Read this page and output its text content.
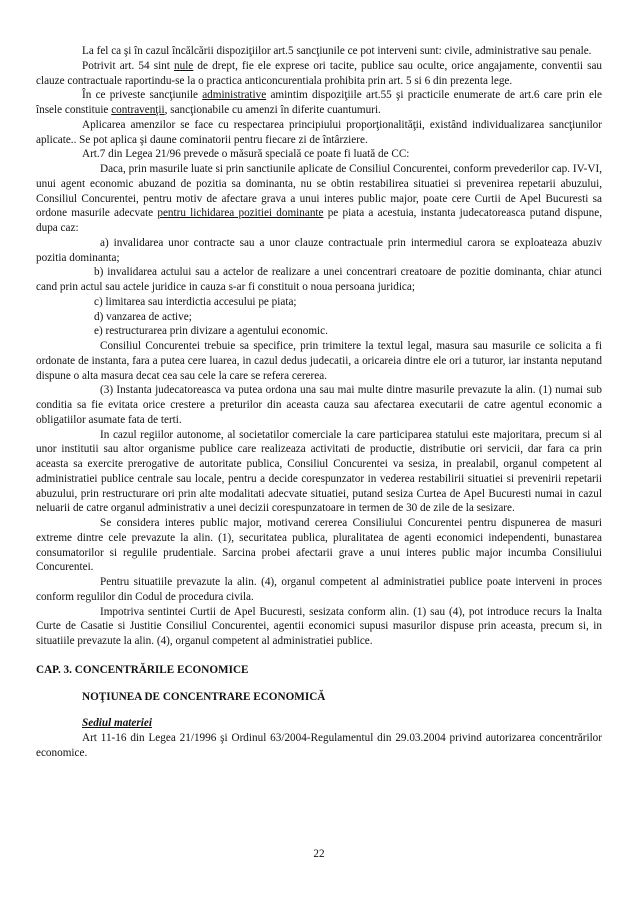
La fel ca şi în cazul încălcării dispoziţiilor art.5 sancţiunile ce pot interveni sunt: civile, administrative sau penale.

Potrivit art. 54 sint nule de drept, fie ele exprese ori tacite, publice sau oculte, orice angajamente, conventii sau clauze contractuale raportindu-se la o practica anticoncurentiala prohibita prin art. 5 si 6 din prezenta lege.

În ce priveste sancţiunile administrative amintim dispoziţiile art.55 şi practicile enumerate de art.6 care prin ele însele constituie contravenţii, sancţionabile cu amenzi în diferite cuantumuri.

Aplicarea amenzilor se face cu respectarea principiului proporţionalităţii, existând individualizarea sancţiunilor aplicate.. Se pot aplica şi daune cominatorii pentru fiecare zi de întârziere.

Art.7 din Legea 21/96 prevede o măsură specială ce poate fi luată de CC:

Daca, prin masurile luate si prin sanctiunile aplicate de Consiliul Concurentei, conform prevederilor cap. IV-VI, unui agent economic abuzand de pozitia sa dominanta, nu se obtin restabilirea situatiei si prevenirea repetarii abuzului, Consiliul Concurentei, pentru motiv de afectare grava a unui interes public major, poate cere Curtii de Apel Bucuresti sa ordone masurile adecvate pentru lichidarea pozitiei dominante pe piata a acestuia, instanta judecatoreasca putand dispune, dupa caz:

a) invalidarea unor contracte sau a unor clauze contractuale prin intermediul carora se exploateaza abuziv pozitia dominanta;

b) invalidarea actului sau a actelor de realizare a unei concentrari creatoare de pozitie dominanta, chiar atunci cand prin actul sau actele juridice in cauza s-ar fi constituit o noua persoana juridica;

c) limitarea sau interdictia accesului pe piata;

d) vanzarea de active;

e) restructurarea prin divizare a agentului economic.

Consiliul Concurentei trebuie sa specifice, prin trimitere la textul legal, masura sau masurile ce solicita a fi ordonate de instanta, fara a putea cere luarea, in cazul dedus judecatii, a oricareia dintre ele ori a tuturor, iar instanta neputand dispune o alta masura decat cea sau cele la care se refera cererea.

(3) Instanta judecatoreasca va putea ordona una sau mai multe dintre masurile prevazute la alin. (1) numai sub conditia sa fie evitata orice crestere a preturilor din aceasta cauza sau afectarea executarii de catre agentul economic a obligatiilor asumate fata de terti.

In cazul regiilor autonome, al societatilor comerciale la care participarea statului este majoritara, precum si al unor institutii sau altor organisme publice care realizeaza activitati de productie, distributie ori servicii, dar fara ca prin aceasta sa exercite prerogative de autoritate publica, Consiliul Concurentei va sesiza, in prealabil, organul competent al administratiei publice centrale sau locale, pentru a decide corespunzator in vederea restabilirii situatiei si prevenirii repetarii abuzului, prin restructurare ori prin alte modalitati adecvate situatiei, putand sesiza Curtea de Apel Bucuresti numai in cazul neluarii de catre organul administrativ a unei decizii corespunzatoare in termen de 30 de zile de la sesizare.

Se considera interes public major, motivand cererea Consiliului Concurentei pentru dispunerea de masuri extreme dintre cele prevazute la alin. (1), securitatea publica, pluralitatea de agenti economici independenti, bunastarea consumatorilor si regulile prudentiale. Sarcina probei afectarii grave a unui interes public major incumba Consiliului Concurentei.

Pentru situatiile prevazute la alin. (4), organul competent al administratiei publice poate interveni in proces conform regulilor din Codul de procedura civila.

Impotriva sentintei Curtii de Apel Bucuresti, sesizata conform alin. (1) sau (4), pot introduce recurs la Inalta Curte de Casatie si Justitie Consiliul Concurentei, agentii economici supusi masurilor dispuse prin aceasta, precum si, in situatiile prevazute la alin. (4), organul competent al administratiei publice.

CAP. 3. CONCENTRĂRILE ECONOMICE

NOŢIUNEA DE CONCENTRARE ECONOMICĂ

Sediul materiei

Art 11-16 din Legea 21/1996 şi Ordinul 63/2004-Regulamentul din 29.03.2004 privind autorizarea concentrărilor economice.

22
